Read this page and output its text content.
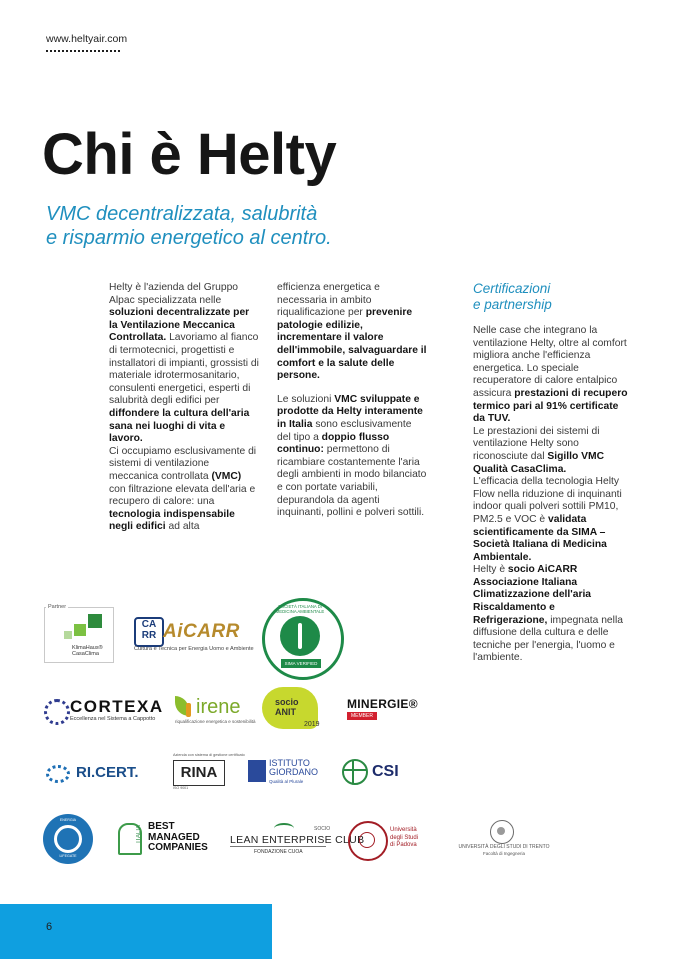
www.heltyair.com
Chi è Helty
VMC decentralizzata, salubrità
e risparmio energetico al centro.

Helty è l'azienda del Gruppo Alpac specializzata nelle soluzioni decentralizzate per la Ventilazione Meccanica Controllata. Lavoriamo al fianco di termotecnici, progettisti e installatori di impianti, grossisti di materiale idrotermosanitario, consulenti energetici, esperti di salubrità degli edifici per diffondere la cultura dell'aria sana nei luoghi di vita e lavoro.
Ci occupiamo esclusivamente di sistemi di ventilazione meccanica controllata (VMC) con filtrazione elevata dell'aria e recupero di calore: una tecnologia indispensabile negli edifici ad alta

efficienza energetica e necessaria in ambito riqualificazione per prevenire patologie edilizie, incrementare il valore dell'immobile, salvaguardare il comfort e la salute delle persone.

Le soluzioni VMC sviluppate e prodotte da Helty interamente in Italia sono esclusivamente del tipo a doppio flusso continuo: permettono di ricambiare costantemente l'aria degli ambienti in modo bilanciato e con portate variabili, depurandola da agenti inquinanti, pollini e polveri sottili.

Certificazioni
e partnership

Nelle case che integrano la ventilazione Helty, oltre al comfort migliora anche l'efficienza energetica. Lo speciale recuperatore di calore entalpico assicura prestazioni di recupero termico pari al 91% certificate da TUV.
Le prestazioni dei sistemi di ventilazione Helty sono riconosciute dal Sigillo VMC Qualità CasaClima.
L'efficacia della tecnologia Helty Flow nella riduzione di inquinanti indoor quali polveri sottili PM10, PM2.5 e VOC è validata scientificamente da SIMA – Società Italiana di Medicina Ambientale.
Helty è socio AiCARR Associazione Italiana Climatizzazione dell'aria Riscaldamento e Refrigerazione, impegnata nella diffusione della cultura e delle tecniche per l'energia, l'uomo e l'ambiente.

Partner
KlimaHaus®
CasaClima
CA RR AiCARR
Cultura e Tecnica per Energia Uomo e Ambiente
SOCIETÀ ITALIANA DI MEDICINA AMBIENTALE
SIMA VERIFIED
CORTEXA
Eccellenza nel Sistema a Cappotto
irene
riqualificazione energetica e sostenibilità
socio
ANIT
2019
MINERGIE®
MEMBER
RI.CERT.
Azienda con sistema di gestione certificato
RINA
ISO 9001
ISTITUTO
GIORDANO
Qualità al Plurale
CSI
ENERGIA
LIFEGATE
ITALIA BEST
MANAGED
COMPANIES
SOCIO
LEAN ENTERPRISE CLUB
FONDAZIONE CUOA
Università
degli Studi
di Padova	UNIVERSITÀ DEGLI STUDI DI TRENTO
Facoltà di Ingegneria
6
